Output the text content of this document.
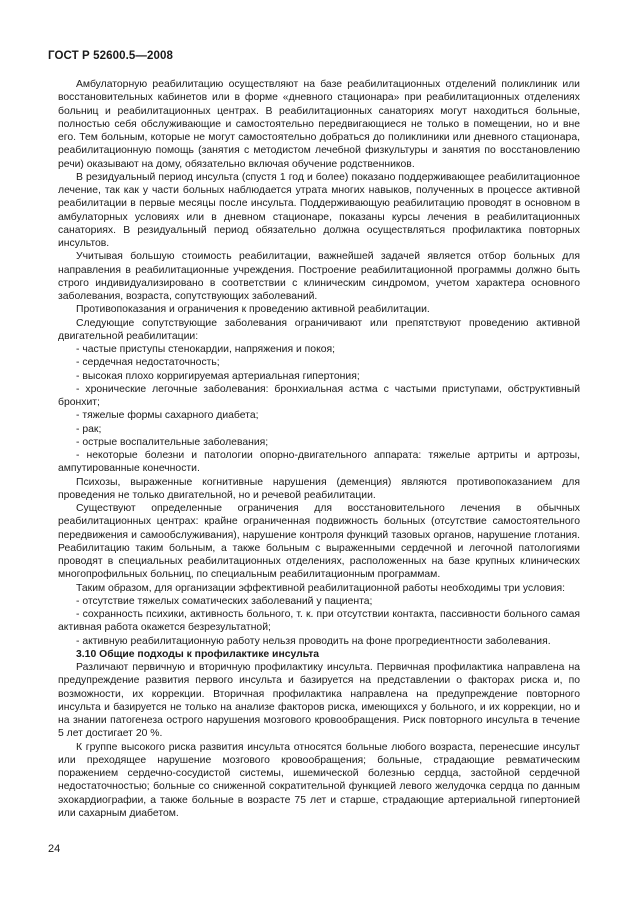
ГОСТ Р 52600.5—2008

Амбулаторную реабилитацию осуществляют на базе реабилитационных отделений поликлиник или восстановительных кабинетов или в форме «дневного стационара» при реабилитационных отделениях больниц и реабилитационных центрах. В реабилитационных санаториях могут находиться больные, полностью себя обслуживающие и самостоятельно передвигающиеся не только в помещении, но и вне его. Тем больным, которые не могут самостоятельно добраться до поликлиники или дневного стационара, реабилитационную помощь (занятия с методистом лечебной физкультуры и занятия по восстановлению речи) оказывают на дому, обязательно включая обучение родственников.

В резидуальный период инсульта (спустя 1 год и более) показано поддерживающее реабилитационное лечение, так как у части больных наблюдается утрата многих навыков, полученных в процессе активной реабилитации в первые месяцы после инсульта. Поддерживающую реабилитацию проводят в основном в амбулаторных условиях или в дневном стационаре, показаны курсы лечения в реабилитационных санаториях. В резидуальный период обязательно должна осуществляться профилактика повторных инсультов.

Учитывая большую стоимость реабилитации, важнейшей задачей является отбор больных для направления в реабилитационные учреждения. Построение реабилитационной программы должно быть строго индивидуализировано в соответствии с клиническим синдромом, учетом характера основного заболевания, возраста, сопутствующих заболеваний.

Противопоказания и ограничения к проведению активной реабилитации.

Следующие сопутствующие заболевания ограничивают или препятствуют проведению активной двигательной реабилитации:

- частые приступы стенокардии, напряжения и покоя;

- сердечная недостаточность;

- высокая плохо корригируемая артериальная гипертония;

- хронические легочные заболевания: бронхиальная астма с частыми приступами, обструктивный бронхит;

- тяжелые формы сахарного диабета;

- рак;

- острые воспалительные заболевания;

- некоторые болезни и патологии опорно-двигательного аппарата: тяжелые артриты и артрозы, ампутированные конечности.

Психозы, выраженные когнитивные нарушения (деменция) являются противопоказанием для проведения не только двигательной, но и речевой реабилитации.

Существуют определенные ограничения для восстановительного лечения в обычных реабилитационных центрах: крайне ограниченная подвижность больных (отсутствие самостоятельного передвижения и самообслуживания), нарушение контроля функций тазовых органов, нарушение глотания. Реабилитацию таким больным, а также больным с выраженными сердечной и легочной патологиями проводят в специальных реабилитационных отделениях, расположенных на базе крупных клинических многопрофильных больниц, по специальным реабилитационным программам.

Таким образом, для организации эффективной реабилитационной работы необходимы три условия:

- отсутствие тяжелых соматических заболеваний у пациента;

- сохранность психики, активность больного, т. к. при отсутствии контакта, пассивности больного самая активная работа окажется безрезультатной;

- активную реабилитационную работу нельзя проводить на фоне прогредиентности заболевания.

3.10 Общие подходы к профилактике инсульта

Различают первичную и вторичную профилактику инсульта. Первичная профилактика направлена на предупреждение развития первого инсульта и базируется на представлении о факторах риска и, по возможности, их коррекции. Вторичная профилактика направлена на предупреждение повторного инсульта и базируется не только на анализе факторов риска, имеющихся у больного, и их коррекции, но и на знании патогенеза острого нарушения мозгового кровообращения. Риск повторного инсульта в течение 5 лет достигает 20 %.

К группе высокого риска развития инсульта относятся больные любого возраста, перенесшие инсульт или преходящее нарушение мозгового кровообращения; больные, страдающие ревматическим поражением сердечно-сосудистой системы, ишемической болезнью сердца, застойной сердечной недостаточностью; больные со сниженной сократительной функцией левого желудочка сердца по данным эхокардиографии, а также больные в возрасте 75 лет и старше, страдающие артериальной гипертонией или сахарным диабетом.

24
